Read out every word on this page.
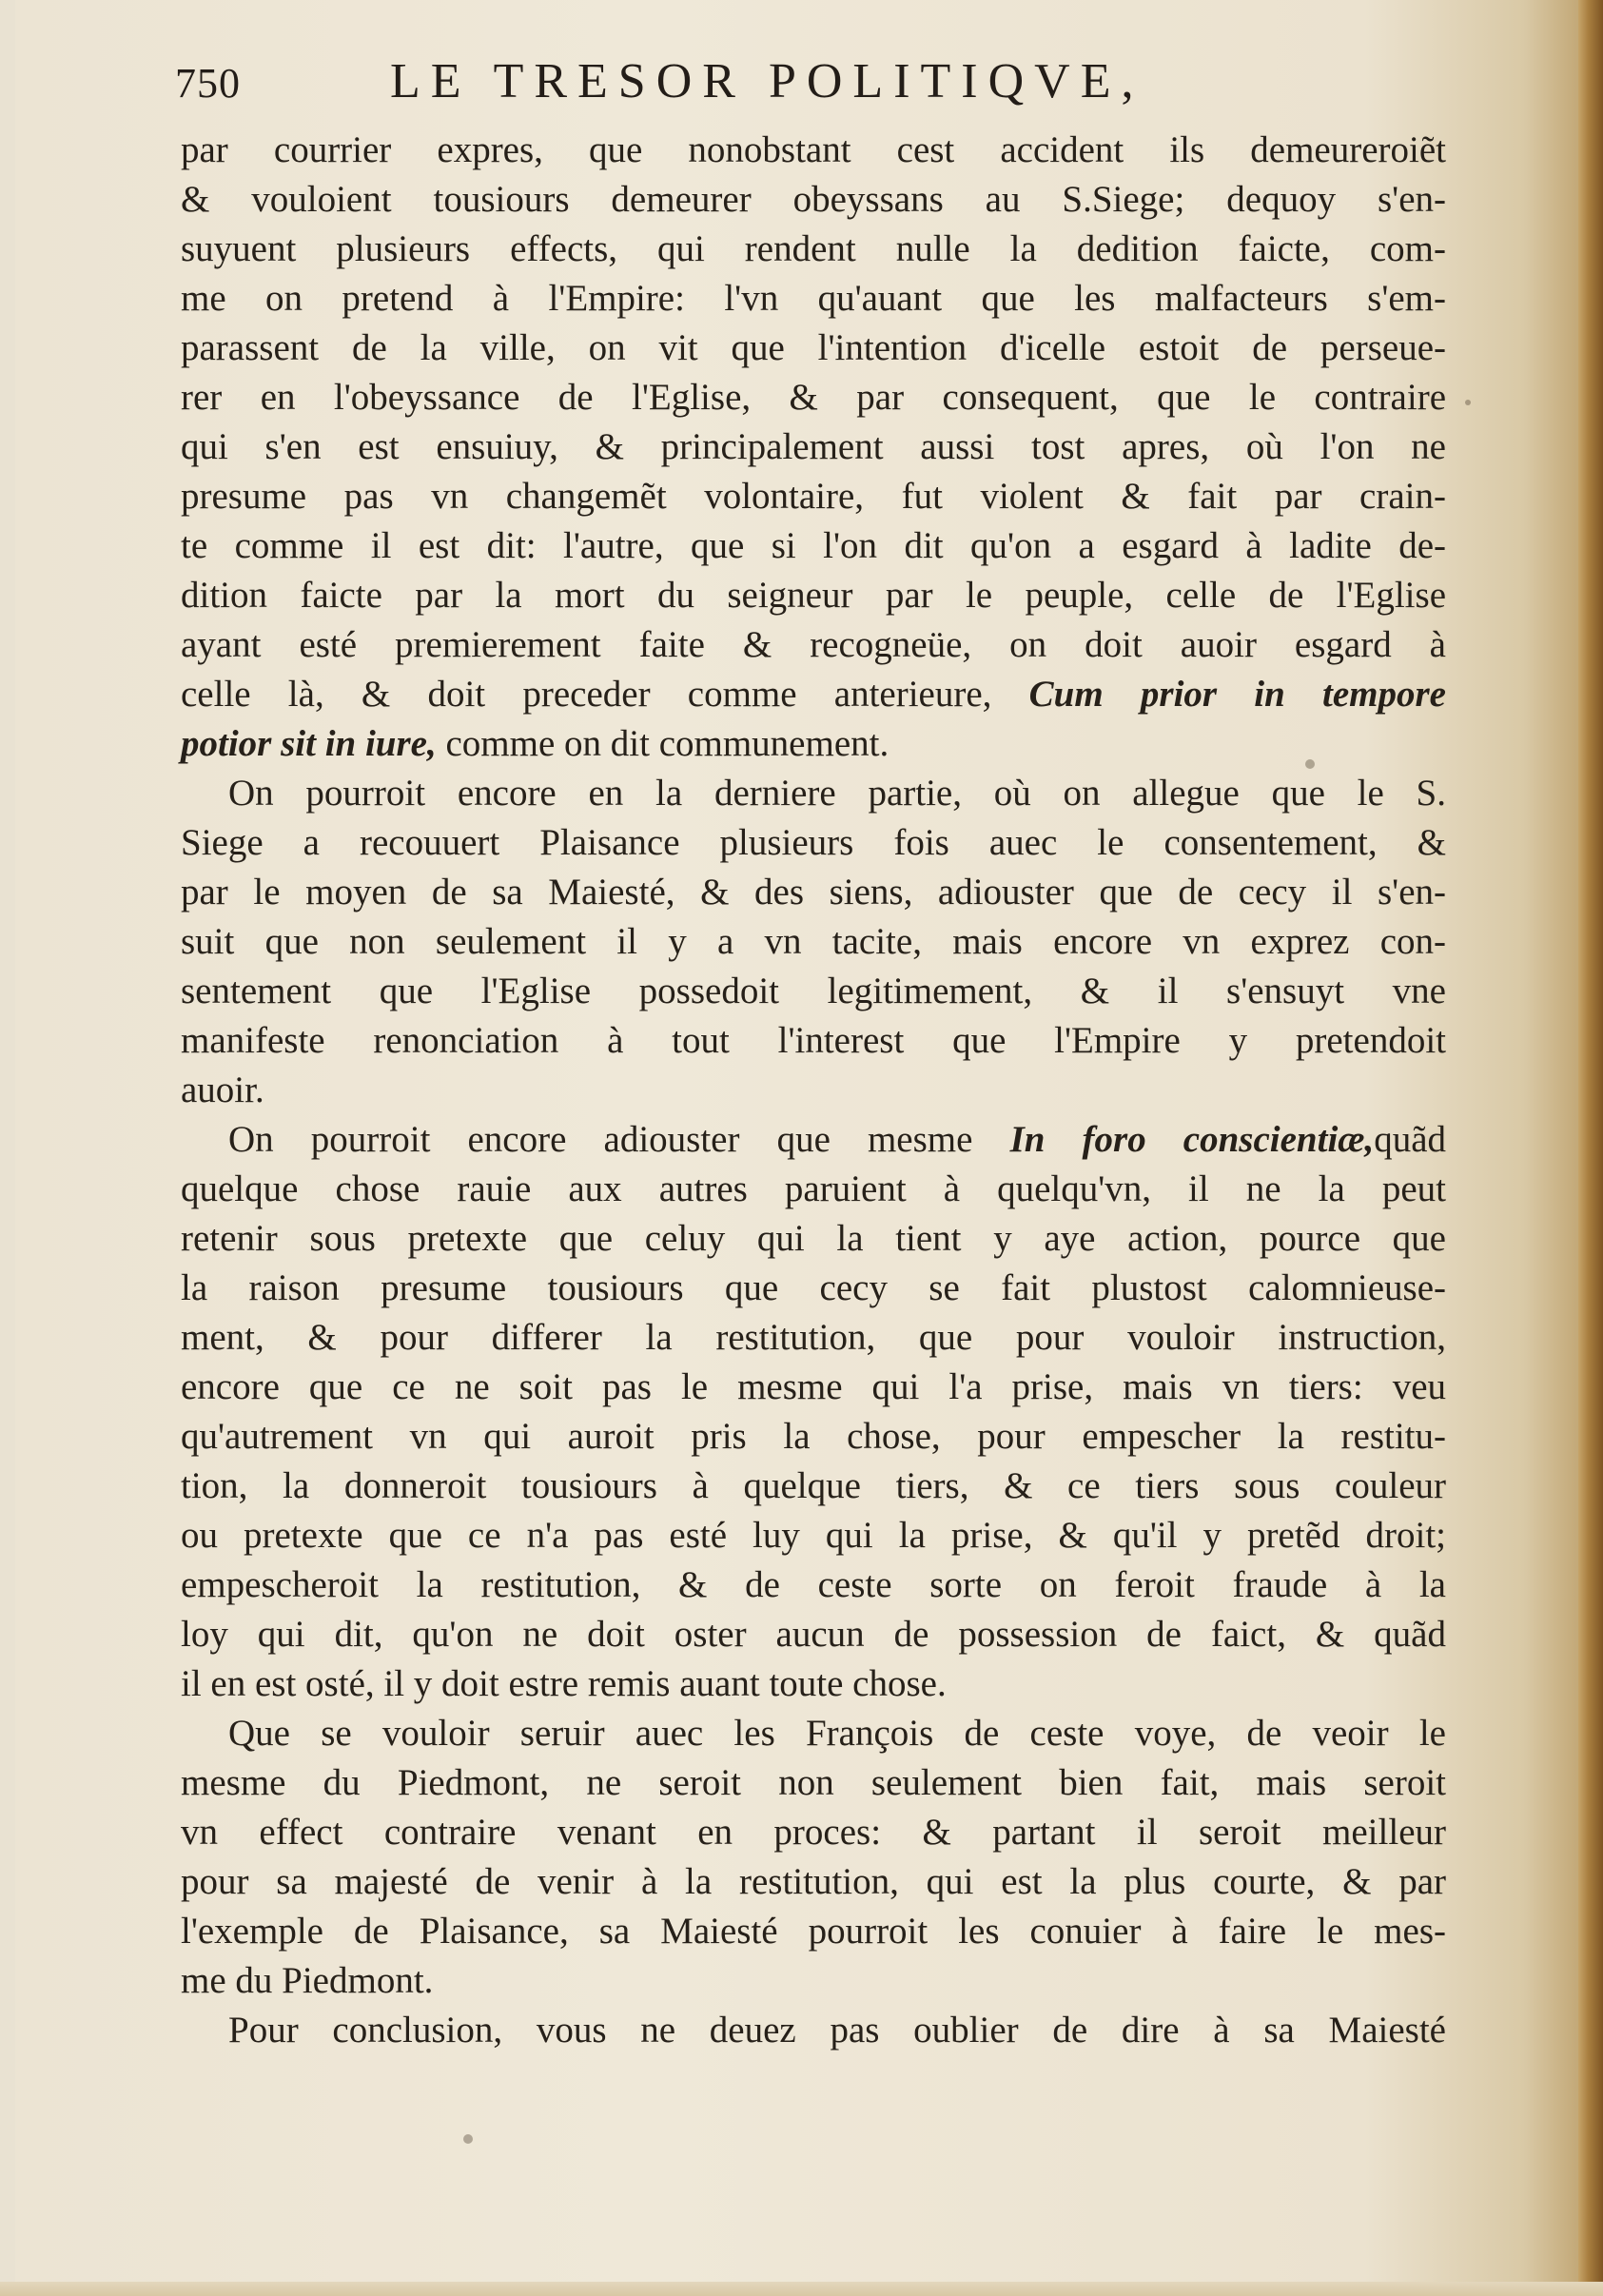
750	LE TRESOR POLITIQVE,
par courrier expres, que nonobstant cest accident ils demeureroiẽt
& vouloient tousiours demeurer obeyssans au S.Siege; dequoy s'en-
suyuent plusieurs effects, qui rendent nulle la dedition faicte, com-
me on pretend à l'Empire: l'vn qu'auant que les malfacteurs s'em-
parassent de la ville, on vit que l'intention d'icelle estoit de perseue-
rer en l'obeyssance de l'Eglise, & par consequent, que le contraire
qui s'en est ensuiuy, & principalement aussi tost apres, où l'on ne
presume pas vn changemẽt volontaire, fut violent & fait par crain-
te comme il est dit: l'autre, que si l'on dit qu'on a esgard à ladite de-
dition faicte par la mort du seigneur par le peuple, celle de l'Eglise
ayant esté premierement faite & recogneüe, on doit auoir esgard à
celle là, & doit preceder comme anterieure, Cum prior in tempore
potior sit in iure, comme on dit communement.
On pourroit encore en la derniere partie, où on allegue que le S.
Siege a recouuert Plaisance plusieurs fois auec le consentement, &
par le moyen de sa Maiesté, & des siens, adiouster que de cecy il s'en-
suit que non seulement il y a vn tacite, mais encore vn exprez con-
sentement que l'Eglise possedoit legitimement, & il s'ensuyt vne
manifeste renonciation à tout l'interest que l'Empire y pretendoit
auoir.
On pourroit encore adiouster que mesme In foro conscientiæ,quãd
quelque chose rauie aux autres paruient à quelqu'vn, il ne la peut
retenir sous pretexte que celuy qui la tient y aye action, pource que
la raison presume tousiours que cecy se fait plustost calomnieuse-
ment, & pour differer la restitution, que pour vouloir instruction,
encore que ce ne soit pas le mesme qui l'a prise, mais vn tiers: veu
qu'autrement vn qui auroit pris la chose, pour empescher la restitu-
tion, la donneroit tousiours à quelque tiers, & ce tiers sous couleur
ou pretexte que ce n'a pas esté luy qui la prise, & qu'il y pretẽd droit;
empescheroit la restitution, & de ceste sorte on feroit fraude à la
loy qui dit, qu'on ne doit oster aucun de possession de faict, & quãd
il en est osté, il y doit estre remis auant toute chose.
Que se vouloir seruir auec les François de ceste voye, de veoir le
mesme du Piedmont, ne seroit non seulement bien fait, mais seroit
vn effect contraire venant en proces: & partant il seroit meilleur
pour sa majesté de venir à la restitution, qui est la plus courte, & par
l'exemple de Plaisance, sa Maiesté pourroit les conuier à faire le mes-
me du Piedmont.
Pour conclusion, vous ne deuez pas oublier de dire à sa Maiesté
